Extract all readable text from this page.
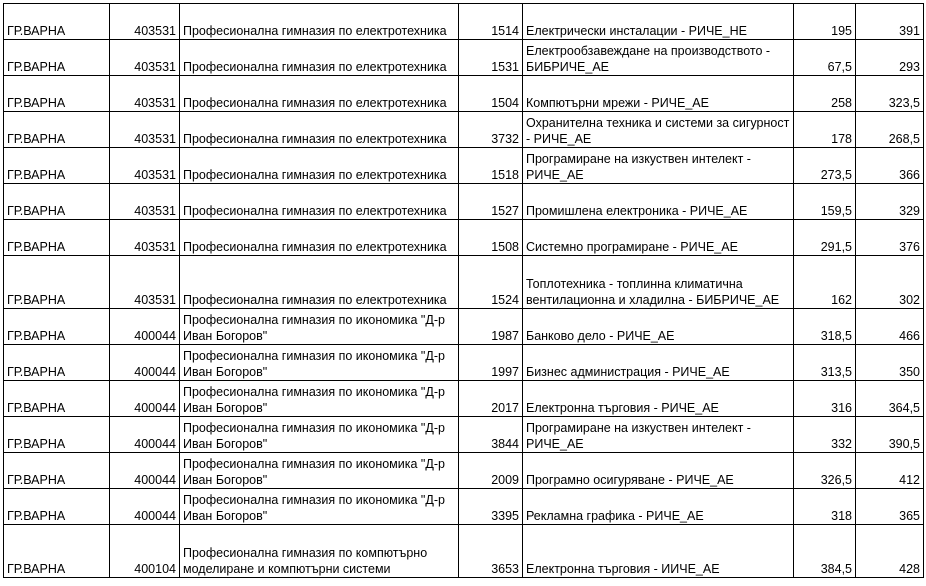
ГР.ВАРНА	403531	Професионална гимназия по електротехника	1514	Електрически инсталации - РИЧЕ_НЕ	195	391
ГР.ВАРНА	403531	Професионална гимназия по електротехника	1531	Електрообзавеждане на производството - БИБРИЧЕ_АЕ	67,5	293
ГР.ВАРНА	403531	Професионална гимназия по електротехника	1504	Компютърни мрежи - РИЧЕ_АЕ	258	323,5
ГР.ВАРНА	403531	Професионална гимназия по електротехника	3732	Охранителна техника и системи за сигурност - РИЧЕ_АЕ	178	268,5
ГР.ВАРНА	403531	Професионална гимназия по електротехника	1518	Програмиране на изкуствен интелект - РИЧЕ_АЕ	273,5	366
ГР.ВАРНА	403531	Професионална гимназия по електротехника	1527	Промишлена електроника - РИЧЕ_АЕ	159,5	329
ГР.ВАРНА	403531	Професионална гимназия по електротехника	1508	Системно програмиране - РИЧЕ_АЕ	291,5	376
ГР.ВАРНА	403531	Професионална гимназия по електротехника	1524	Топлотехника - топлинна климатична вентилационна и хладилна - БИБРИЧЕ_АЕ	162	302
ГР.ВАРНА	400044	Професионална гимназия по икономика "Д-р Иван Богоров"	1987	Банково дело - РИЧЕ_АЕ	318,5	466
ГР.ВАРНА	400044	Професионална гимназия по икономика "Д-р Иван Богоров"	1997	Бизнес администрация - РИЧЕ_АЕ	313,5	350
ГР.ВАРНА	400044	Професионална гимназия по икономика "Д-р Иван Богоров"	2017	Електронна търговия - РИЧЕ_АЕ	316	364,5
ГР.ВАРНА	400044	Професионална гимназия по икономика "Д-р Иван Богоров"	3844	Програмиране на изкуствен интелект - РИЧЕ_АЕ	332	390,5
ГР.ВАРНА	400044	Професионална гимназия по икономика "Д-р Иван Богоров"	2009	Програмно осигуряване - РИЧЕ_АЕ	326,5	412
ГР.ВАРНА	400044	Професионална гимназия по икономика "Д-р Иван Богоров"	3395	Рекламна графика - РИЧЕ_АЕ	318	365
ГР.ВАРНА	400104	Професионална гимназия по компютърно моделиране и компютърни системи	3653	Електронна търговия - ИИЧЕ_АЕ	384,5	428
